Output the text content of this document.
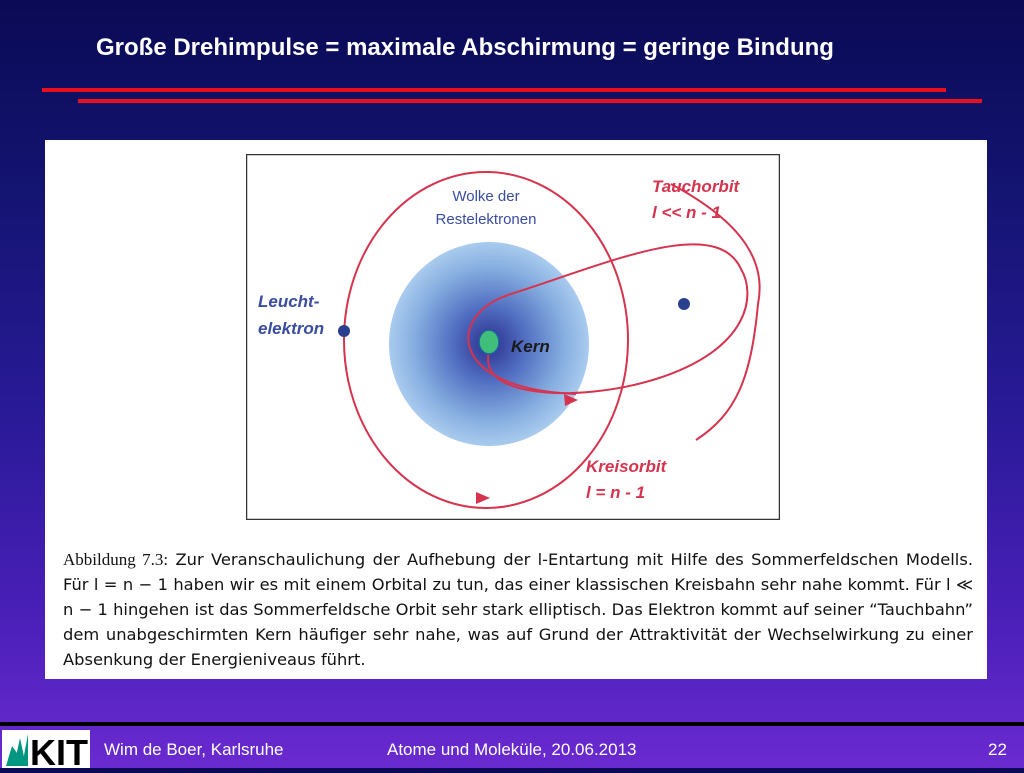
Große Drehimpulse = maximale Abschirmung = geringe Bindung
Wolke der
Restelektronen
Tauchorbit
l << n - 1
Leucht-
elektron
Kern
Kreisorbit
l = n - 1
Abbildung 7.3: Zur Veranschaulichung der Aufhebung der l-Entartung mit Hilfe des Sommerfeldschen Modells. Für l = n − 1 haben wir es mit einem Orbital zu tun, das einer klassischen Kreisbahn sehr nahe kommt. Für l ≪ n − 1 hingehen ist das Sommerfeldsche Orbit sehr stark elliptisch. Das Elektron kommt auf seiner “Tauchbahn” dem unabgeschirmten Kern häufiger sehr nahe, was auf Grund der Attraktivität der Wechselwirkung zu einer Absenkung der Energieniveaus führt.
KIT Wim de Boer, Karlsruhe	Atome und Moleküle, 20.06.2013	22
